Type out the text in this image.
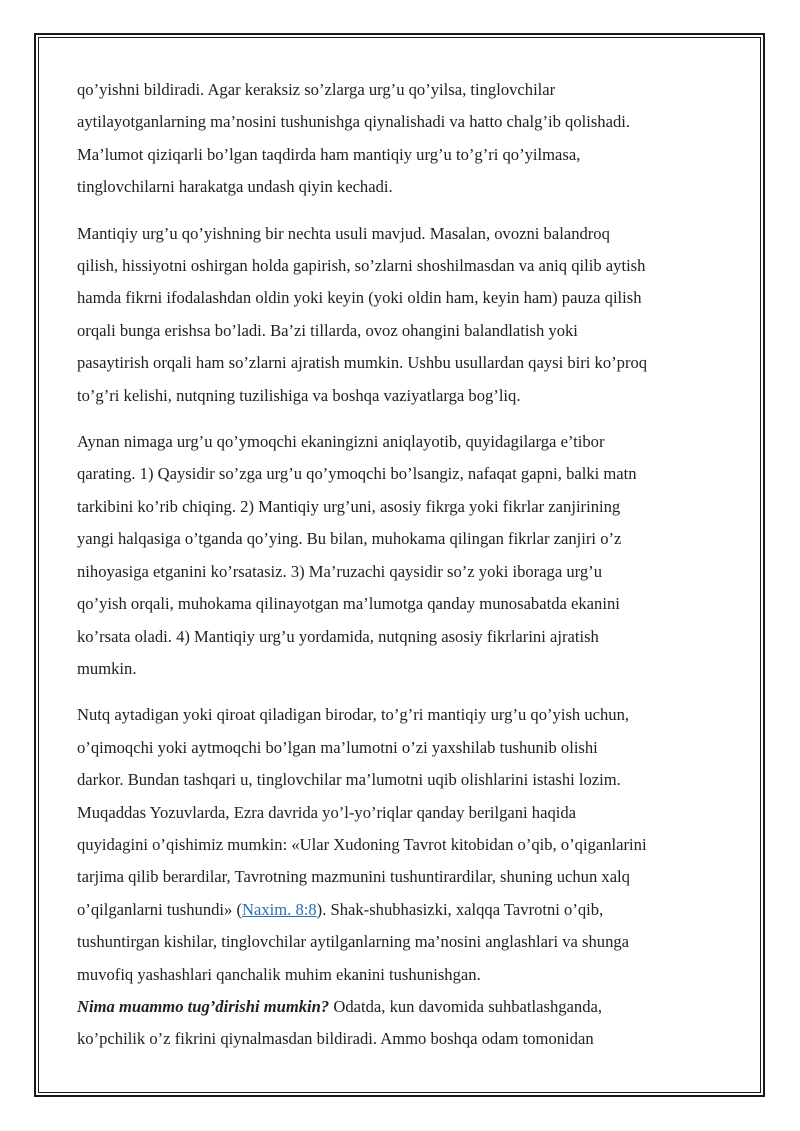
qo’yishni bildiradi. Agar keraksiz so’zlarga urg’u qo’yilsa, tinglovchilar
aytilayotganlarning ma’nosini tushunishga qiynalishadi va hatto chalg’ib qolishadi.
Ma’lumot qiziqarli bo’lgan taqdirda ham mantiqiy urg’u to’g’ri qo’yilmasa,
tinglovchilarni harakatga undash qiyin kechadi.

Mantiqiy urg’u qo’yishning bir nechta usuli mavjud. Masalan, ovozni balandroq
qilish, hissiyotni oshirgan holda gapirish, so’zlarni shoshilmasdan va aniq qilib aytish
hamda fikrni ifodalashdan oldin yoki keyin (yoki oldin ham, keyin ham) pauza qilish
orqali bunga erishsa bo’ladi. Ba’zi tillarda, ovoz ohangini balandlatish yoki
pasaytirish orqali ham so’zlarni ajratish mumkin. Ushbu usullardan qaysi biri ko’proq
to’g’ri kelishi, nutqning tuzilishiga va boshqa vaziyatlarga bog’liq.

Aynan nimaga urg’u qo’ymoqchi ekaningizni aniqlayotib, quyidagilarga e’tibor
qarating. 1) Qaysidir so’zga urg’u qo’ymoqchi bo’lsangiz, nafaqat gapni, balki matn
tarkibini ko’rib chiqing. 2) Mantiqiy urg’uni, asosiy fikrga yoki fikrlar zanjirining
yangi halqasiga o’tganda qo’ying. Bu bilan, muhokama qilingan fikrlar zanjiri o’z
nihoyasiga etganini ko’rsatasiz. 3) Ma’ruzachi qaysidir so’z yoki iboraga urg’u
qo’yish orqali, muhokama qilinayotgan ma’lumotga qanday munosabatda ekanini
ko’rsata oladi. 4) Mantiqiy urg’u yordamida, nutqning asosiy fikrlarini ajratish
mumkin.

Nutq aytadigan yoki qiroat qiladigan birodar, to’g’ri mantiqiy urg’u qo’yish uchun,
o’qimoqchi yoki aytmoqchi bo’lgan ma’lumotni o’zi yaxshilab tushunib olishi
darkor. Bundan tashqari u, tinglovchilar ma’lumotni uqib olishlarini istashi lozim.
Muqaddas Yozuvlarda, Ezra davrida yo’l-yo’riqlar qanday berilgani haqida
quyidagini o’qishimiz mumkin: «Ular Xudoning Tavrot kitobidan o’qib, o’qiganlarini
tarjima qilib berardilar, Tavrotning mazmunini tushuntirardilar, shuning uchun xalq
o’qilganlarni tushundi» (Naxim. 8:8). Shak-shubhasizki, xalqqa Tavrotni o’qib,
tushuntirgan kishilar, tinglovchilar aytilganlarning ma’nosini anglashlari va shunga
muvofiq yashashlari qanchalik muhim ekanini tushunishgan.

Nima muammo tug’dirishi mumkin? Odatda, kun davomida suhbatlashganda,
ko’pchilik o’z fikrini qiynalmasdan bildiradi. Ammo boshqa odam tomonidan
